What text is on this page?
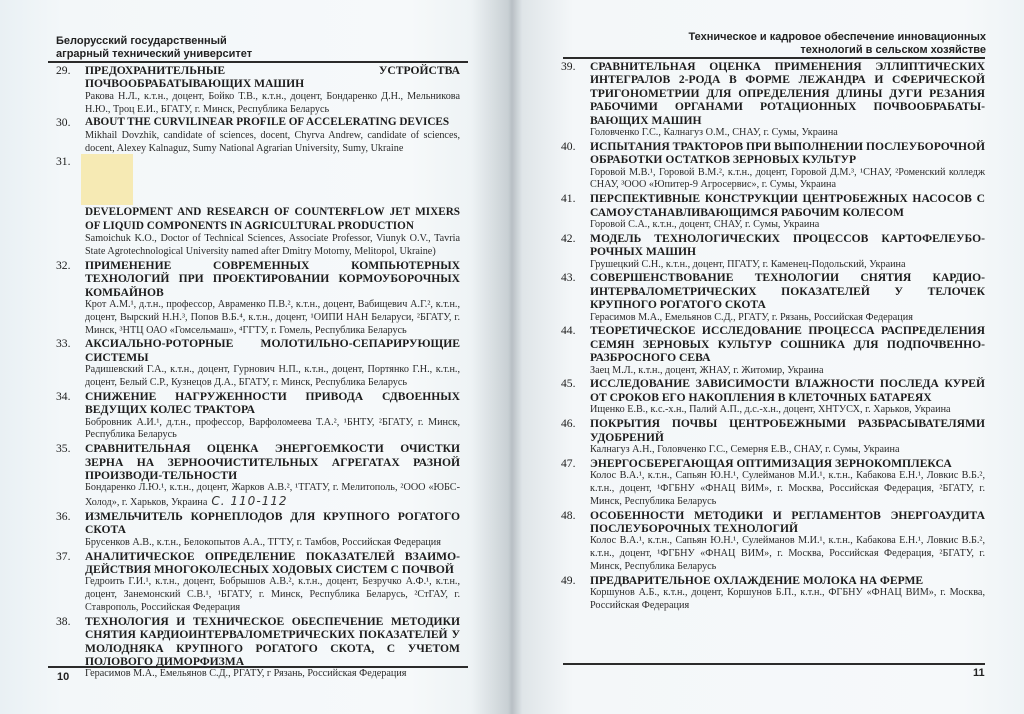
Белорусский государственный
аграрный технический университет
29. ПРЕДОХРАНИТЕЛЬНЫЕ УСТРОЙСТВА ПОЧВООБРАБАТЫВАЮЩИХ МАШИН
Ракова Н.Л., к.т.н., доцент, Бойко Т.В., к.т.н., доцент, Бондаренко Д.Н., Мельникова Н.Ю., Троц Е.И., БГАТУ, г. Минск, Республика Беларусь
30. ABOUT THE CURVILINEAR PROFILE OF ACCELERATING DEVICES
Mikhail Dovzhik, candidate of sciences, docent, Chyrva Andrew, candidate of sciences, docent, Alexey Kalnaguz, Sumy National Agrarian University, Sumy, Ukraine
31.
DEVELOPMENT AND RESEARCH OF COUNTERFLOW JET MIXERS OF LIQUID COMPONENTS IN AGRICULTURAL PRODUCTION
Samoichuk K.O., Doctor of Technical Sciences, Associate Professor, Viunyk O.V., Tavria State Agrotechnological University named after Dmitry Motorny, Melitopol, Ukraine)
32. ПРИМЕНЕНИЕ СОВРЕМЕННЫХ КОМПЬЮТЕРНЫХ ТЕХНОЛОГИЙ ПРИ ПРОЕКТИРОВАНИИ КОРМОУБОРОЧНЫХ КОМБАЙНОВ
Крот А.М.¹, д.т.н., профессор, Авраменко П.В.², к.т.н., доцент, Вабищевич А.Г.², к.т.н., доцент, Вырский Н.Н.³, Попов В.Б.⁴, к.т.н., доцент, ¹ОИПИ НАН Беларуси, ²БГАТУ, г. Минск, ³НТЦ ОАО «Гомсельмаш», ⁴ГГТУ, г. Гомель, Республика Беларусь
33. АКСИАЛЬНО-РОТОРНЫЕ МОЛОТИЛЬНО-СЕПАРИРУЮЩИЕ СИСТЕМЫ
Радишевский Г.А., к.т.н., доцент, Гурнович Н.П., к.т.н., доцент, Портянко Г.Н., к.т.н., доцент, Белый С.Р., Кузнецов Д.А., БГАТУ, г. Минск, Республика Беларусь
34. СНИЖЕНИЕ НАГРУЖЕННОСТИ ПРИВОДА СДВОЕННЫХ ВЕДУЩИХ КОЛЕС ТРАКТОРА
Бобровник А.И.¹, д.т.н., профессор, Варфоломеева Т.А.², ¹БНТУ, ²БГАТУ, г. Минск, Республика Беларусь
35. СРАВНИТЕЛЬНАЯ ОЦЕНКА ЭНЕРГОЕМКОСТИ ОЧИСТКИ ЗЕРНА НА ЗЕРНООЧИСТИТЕЛЬНЫХ АГРЕГАТАХ РАЗНОЙ ПРОИЗВОДИ-ТЕЛЬНОСТИ
Бондаренко Л.Ю.¹, к.т.н., доцент, Жарков А.В.², ¹ТГАТУ, г. Мелитополь, ²ООО «ЮБС-Холод», г. Харьков, Украина C. 110-112
36. ИЗМЕЛЬЧИТЕЛЬ КОРНЕПЛОДОВ ДЛЯ КРУПНОГО РОГАТОГО СКОТА
Брусенков А.В., к.т.н., Белокопытов А.А., ТГТУ, г. Тамбов, Российская Федерация
37. АНАЛИТИЧЕСКОЕ ОПРЕДЕЛЕНИЕ ПОКАЗАТЕЛЕЙ ВЗАИМО-ДЕЙСТВИЯ МНОГОКОЛЕСНЫХ ХОДОВЫХ СИСТЕМ С ПОЧВОЙ
Гедроить Г.И.¹, к.т.н., доцент, Бобрышов А.В.², к.т.н., доцент, Безручко А.Ф.¹, к.т.н., доцент, Занемонский С.В.¹, ¹БГАТУ, г. Минск, Республика Беларусь, ²СтГАУ, г. Ставрополь, Российская Федерация
38. ТЕХНОЛОГИЯ И ТЕХНИЧЕСКОЕ ОБЕСПЕЧЕНИЕ МЕТОДИКИ СНЯТИЯ КАРДИОИНТЕРВАЛОМЕТРИЧЕСКИХ ПОКАЗАТЕЛЕЙ У МОЛОДНЯКА КРУПНОГО РОГАТОГО СКОТА, С УЧЕТОМ ПОЛОВОГО ДИМОРФИЗМА
Герасимов М.А., Емельянов С.Д., РГАТУ, г Рязань, Российская Федерация
10
Техническое и кадровое обеспечение инновационных
технологий в сельском хозяйстве
39. СРАВНИТЕЛЬНАЯ ОЦЕНКА ПРИМЕНЕНИЯ ЭЛЛИПТИЧЕСКИХ ИНТЕГРАЛОВ 2-РОДА В ФОРМЕ ЛЕЖАНДРА И СФЕРИЧЕСКОЙ ТРИГОНОМЕТРИИ ДЛЯ ОПРЕДЕЛЕНИЯ ДЛИНЫ ДУГИ РЕЗАНИЯ РАБОЧИМИ ОРГАНАМИ РОТАЦИОННЫХ ПОЧВООБРАБАТЫ-ВАЮЩИХ МАШИН
Головченко Г.С., Калнагуз О.М., СНАУ, г. Сумы, Украина
40. ИСПЫТАНИЯ ТРАКТОРОВ ПРИ ВЫПОЛНЕНИИ ПОСЛЕУБОРОЧНОЙ ОБРАБОТКИ ОСТАТКОВ ЗЕРНОВЫХ КУЛЬТУР
Горовой М.В.¹, Горовой В.М.², к.т.н., доцент, Горовой Д.М.³, ¹СНАУ, ²Роменский колледж СНАУ, ³ООО «Юпитер-9 Агросервис», г. Сумы, Украина
41. ПЕРСПЕКТИВНЫЕ КОНСТРУКЦИИ ЦЕНТРОБЕЖНЫХ НАСОСОВ С САМОУСТАНАВЛИВАЮЩИМСЯ РАБОЧИМ КОЛЕСОМ
Горовой С.А., к.т.н., доцент, СНАУ, г. Сумы, Украина
42. МОДЕЛЬ ТЕХНОЛОГИЧЕСКИХ ПРОЦЕССОВ КАРТОФЕЛЕУБО-РОЧНЫХ МАШИН
Грушецкий С.Н., к.т.н., доцент, ПГАТУ, г. Каменец-Подольский, Украина
43. СОВЕРШЕНСТВОВАНИЕ ТЕХНОЛОГИИ СНЯТИЯ КАРДИО-ИНТЕРВАЛОМЕТРИЧЕСКИХ ПОКАЗАТЕЛЕЙ У ТЕЛОЧЕК КРУПНОГО РОГАТОГО СКОТА
Герасимов М.А., Емельянов С.Д., РГАТУ, г. Рязань, Российская Федерация
44. ТЕОРЕТИЧЕСКОЕ ИССЛЕДОВАНИЕ ПРОЦЕССА РАСПРЕДЕЛЕНИЯ СЕМЯН ЗЕРНОВЫХ КУЛЬТУР СОШНИКА ДЛЯ ПОДПОЧВЕННО-РАЗБРОСНОГО СЕВА
Заец М.Л., к.т.н., доцент, ЖНАУ, г. Житомир, Украина
45. ИССЛЕДОВАНИЕ ЗАВИСИМОСТИ ВЛАЖНОСТИ ПОСЛЕДА КУРЕЙ ОТ СРОКОВ ЕГО НАКОПЛЕНИЯ В КЛЕТОЧНЫХ БАТАРЕЯХ
Ищенко Е.В., к.с.-х.н., Палий А.П., д.с.-х.н., доцент, ХНТУСХ, г. Харьков, Украина
46. ПОКРЫТИЯ ПОЧВЫ ЦЕНТРОБЕЖНЫМИ РАЗБРАСЫВАТЕЛЯМИ УДОБРЕНИЙ
Калнагуз А.Н., Головченко Г.С., Семерня Е.В., СНАУ, г. Сумы, Украина
47. ЭНЕРГОСБЕРЕГАЮЩАЯ ОПТИМИЗАЦИЯ ЗЕРНОКОМПЛЕКСА
Колос В.А.¹, к.т.н., Сапьян Ю.Н.¹, Сулейманов М.И.¹, к.т.н., Кабакова Е.Н.¹, Ловкис В.Б.², к.т.н., доцент, ¹ФГБНУ «ФНАЦ ВИМ», г. Москва, Российская Федерация, ²БГАТУ, г. Минск, Республика Беларусь
48. ОСОБЕННОСТИ МЕТОДИКИ И РЕГЛАМЕНТОВ ЭНЕРГОАУДИТА ПОСЛЕУБОРОЧНЫХ ТЕХНОЛОГИЙ
Колос В.А.¹, к.т.н., Сапьян Ю.Н.¹, Сулейманов М.И.¹, к.т.н., Кабакова Е.Н.¹, Ловкис В.Б.², к.т.н., доцент, ¹ФГБНУ «ФНАЦ ВИМ», г. Москва, Российская Федерация, ²БГАТУ, г. Минск, Республика Беларусь
49. ПРЕДВАРИТЕЛЬНОЕ ОХЛАЖДЕНИЕ МОЛОКА НА ФЕРМЕ
Коршунов А.Б., к.т.н., доцент, Коршунов Б.П., к.т.н., ФГБНУ «ФНАЦ ВИМ», г. Москва, Российская Федерация
11
